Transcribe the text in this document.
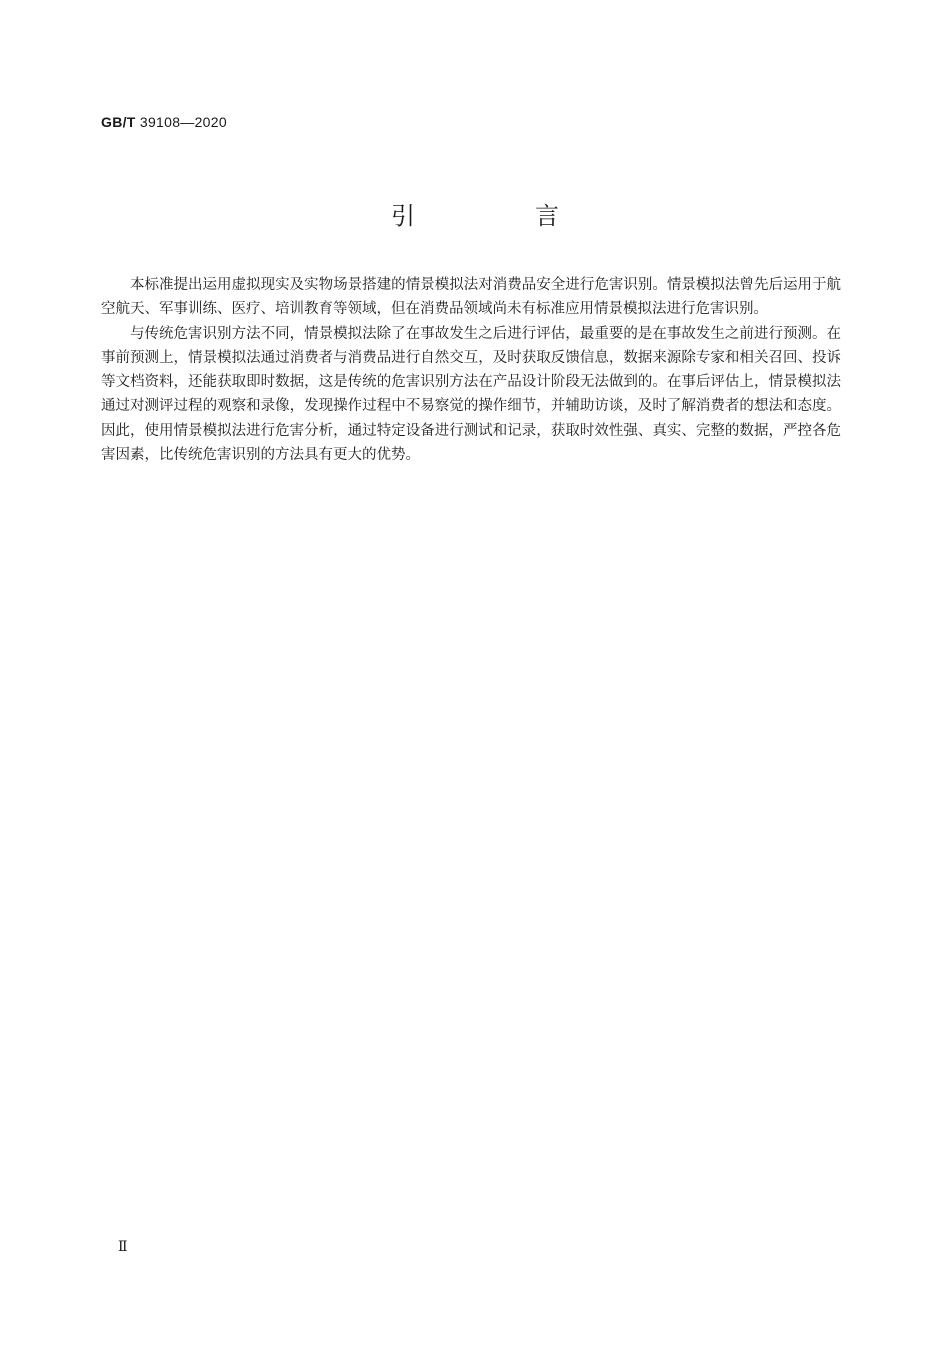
GB/T 39108—2020
引　言

本标准提出运用虚拟现实及实物场景搭建的情景模拟法对消费品安全进行危害识别。情景模拟法曾先后运用于航空航天、军事训练、医疗、培训教育等领域，但在消费品领域尚未有标准应用情景模拟法进行危害识别。

与传统危害识别方法不同，情景模拟法除了在事故发生之后进行评估，最重要的是在事故发生之前进行预测。在事前预测上，情景模拟法通过消费者与消费品进行自然交互，及时获取反馈信息，数据来源除专家和相关召回、投诉等文档资料，还能获取即时数据，这是传统的危害识别方法在产品设计阶段无法做到的。在事后评估上，情景模拟法通过对测评过程的观察和录像，发现操作过程中不易察觉的操作细节，并辅助访谈，及时了解消费者的想法和态度。因此，使用情景模拟法进行危害分析，通过特定设备进行测试和记录，获取时效性强、真实、完整的数据，严控各危害因素，比传统危害识别的方法具有更大的优势。

Ⅱ
